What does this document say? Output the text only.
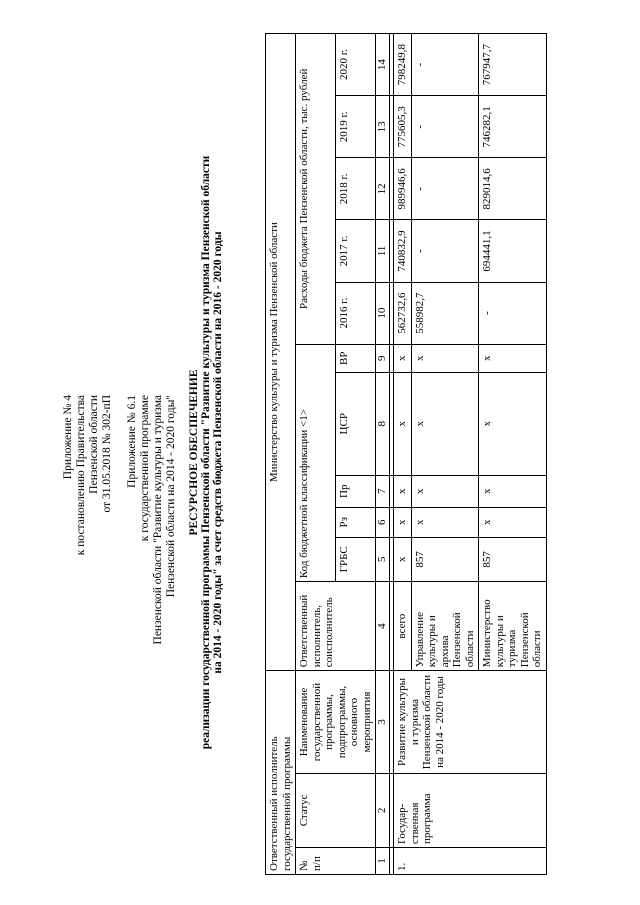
Приложение № 4 к постановлению Правительства Пензенской области от 31.05.2018 № 302-пП Приложение № 6.1 к государственной программе Пензенской области "Развитие культуры и туризма Пензенской области на 2014 - 2020 годы" РЕСУРСНОЕ ОБЕСПЕЧЕНИЕ реализации государственной программы Пензенской области "Развитие культуры и туризма Пензенской области на 2014 - 2020 годы" за счет средств бюджета Пензенской области на 2016 - 2020 годы
Ответственный исполнитель государственной программы			Министерство культуры и туризма Пензенской области										
№ п/п	Статус	Наименование государственной программы, подпрограммы, основного мероприятия	Ответственный исполнитель, соисполнитель	Код бюджетной классификации <1>					Расходы бюджета Пензенской области, тыс. рублей				
				ГРБС	Рз	Пр	ЦСР	ВР	2016 г.	2017 г.	2018 г.	2019 г.	2020 г.
1	2	3	4	5	6	7	8	9	10	11	12	13	14

1.	Государ-ственная программа	Развитие культуры и туризма Пензенской области на 2014 - 2020 годы	всего	х	х	х	х	х	562732,6	740832,9	989946,6	775605,3	798249,8
			Управление культуры и архива Пензенской области	857	х	х	х	х	558982,7	-	-	-	-
			Министерство культуры и туризма Пензенской области	857	х	х	х	х	-	694441,1	829014,6	746282,1	767947,7
